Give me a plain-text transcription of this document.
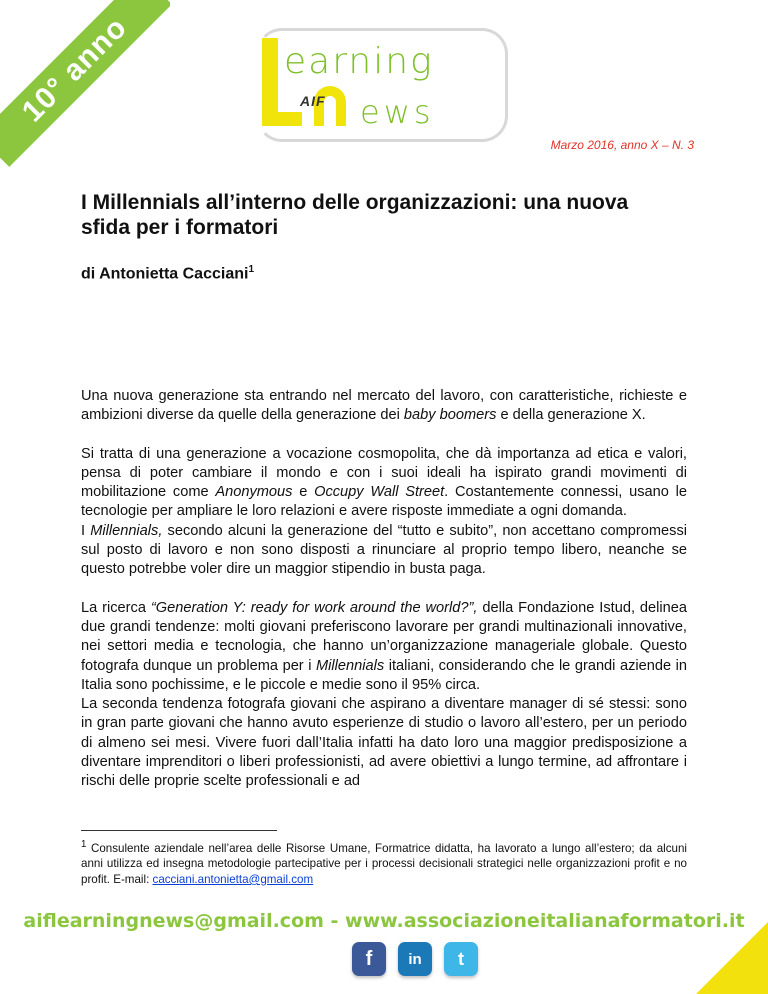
10° anno	earning
AIF ews
Marzo 2016, anno X – N. 3
I Millennials all’interno delle organizzazioni: una nuova sfida per i formatori
di Antonietta Cacciani$^1$

Una nuova generazione sta entrando nel mercato del lavoro, con caratteristiche, richieste e ambizioni diverse da quelle della generazione dei baby boomers e della generazione X.

Si tratta di una generazione a vocazione cosmopolita, che dà importanza ad etica e valori, pensa di poter cambiare il mondo e con i suoi ideali ha ispirato grandi movimenti di mobilitazione come Anonymous e Occupy Wall Street. Costantemente connessi, usano le tecnologie per ampliare le loro relazioni e avere risposte immediate a ogni domanda.

I Millennials, secondo alcuni la generazione del “tutto e subito”, non accettano compromessi sul posto di lavoro e non sono disposti a rinunciare al proprio tempo libero, neanche se questo potrebbe voler dire un maggior stipendio in busta paga.

La ricerca “Generation Y: ready for work around the world?”, della Fondazione Istud, delinea due grandi tendenze: molti giovani preferiscono lavorare per grandi multinazionali innovative, nei settori media e tecnologia, che hanno un’organizzazione manageriale globale. Questo fotografa dunque un problema per i Millennials italiani, considerando che le grandi aziende in Italia sono pochissime, e le piccole e medie sono il 95% circa.

La seconda tendenza fotografa giovani che aspirano a diventare manager di sé stessi: sono in gran parte giovani che hanno avuto esperienze di studio o lavoro all’estero, per un periodo di almeno sei mesi. Vivere fuori dall’Italia infatti ha dato loro una maggior predisposizione a diventare imprenditori o liberi professionisti, ad avere obiettivi a lungo termine, ad affrontare i rischi delle proprie scelte professionali e ad

$^1$ Consulente aziendale nell’area delle Risorse Umane, Formatrice didatta, ha lavorato a lungo all’estero; da alcuni anni utilizza ed insegna metodologie partecipative per i processi decisionali strategici nelle organizzazioni profit e no profit. E-mail: cacciani.antonietta@gmail.com
aiflearningnews@gmail.com - www.associazioneitalianaformatori.it
f	in	t
